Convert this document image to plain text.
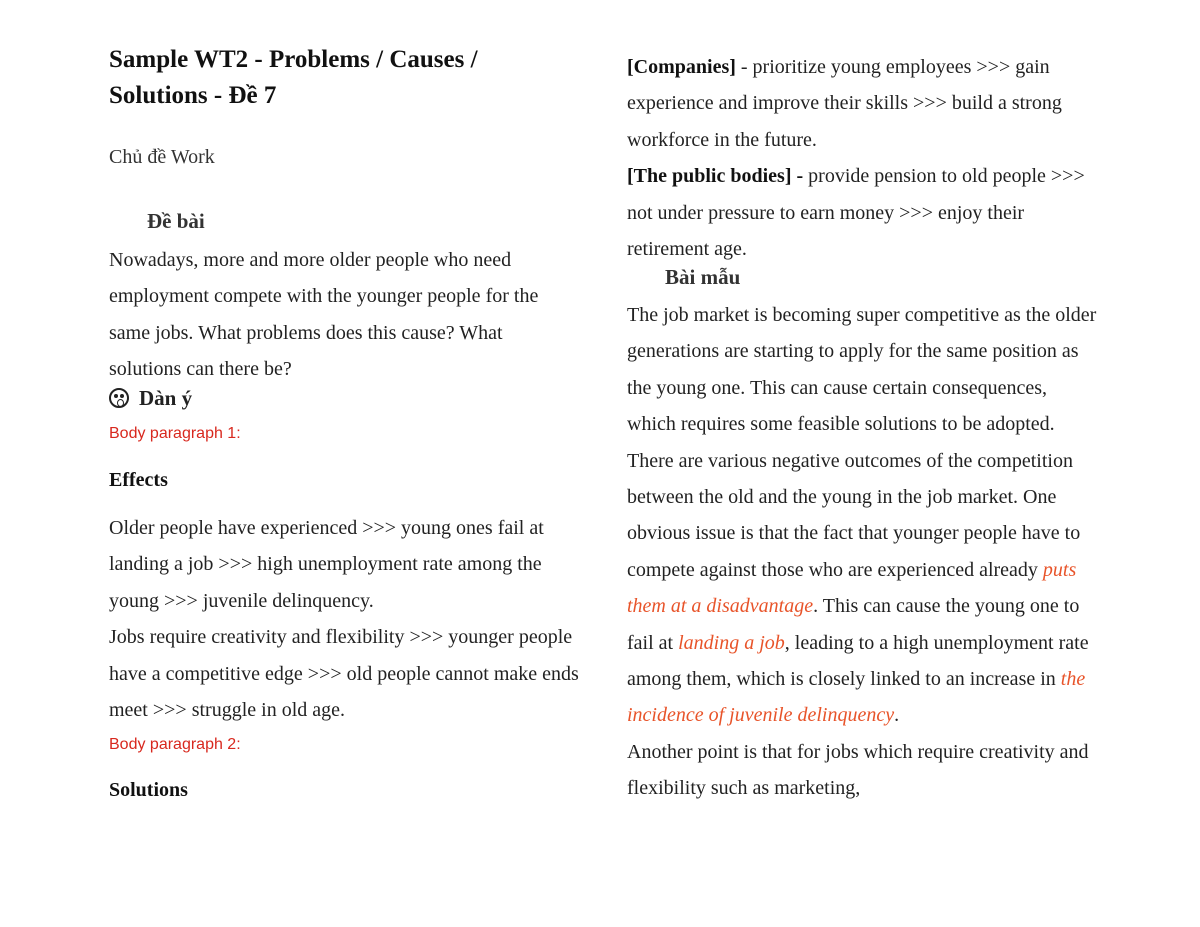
Sample WT2 - Problems / Causes / Solutions - Đề 7
Chủ đề Work
Đề bài
Nowadays, more and more older people who need employment compete with the younger people for the same jobs. What problems does this cause? What solutions can there be?
Dàn ý
Body paragraph 1:
Effects
Older people have experienced >>> young ones fail at landing a job >>> high unemployment rate among the young >>> juvenile delinquency.
Jobs require creativity and flexibility >>> younger people have a competitive edge >>> old people cannot make ends meet >>> struggle in old age.
Body paragraph 2:
Solutions
[Companies] - prioritize young employees >>> gain experience and improve their skills >>> build a strong workforce in the future.
[The public bodies] - provide pension to old people >>> not under pressure to earn money >>> enjoy their retirement age.
Bài mẫu
The job market is becoming super competitive as the older generations are starting to apply for the same position as the young one. This can cause certain consequences, which requires some feasible solutions to be adopted.
There are various negative outcomes of the competition between the old and the young in the job market. One obvious issue is that the fact that younger people have to compete against those who are experienced already puts them at a disadvantage. This can cause the young one to fail at landing a job, leading to a high unemployment rate among them, which is closely linked to an increase in the incidence of juvenile delinquency.
Another point is that for jobs which require creativity and flexibility such as marketing,
